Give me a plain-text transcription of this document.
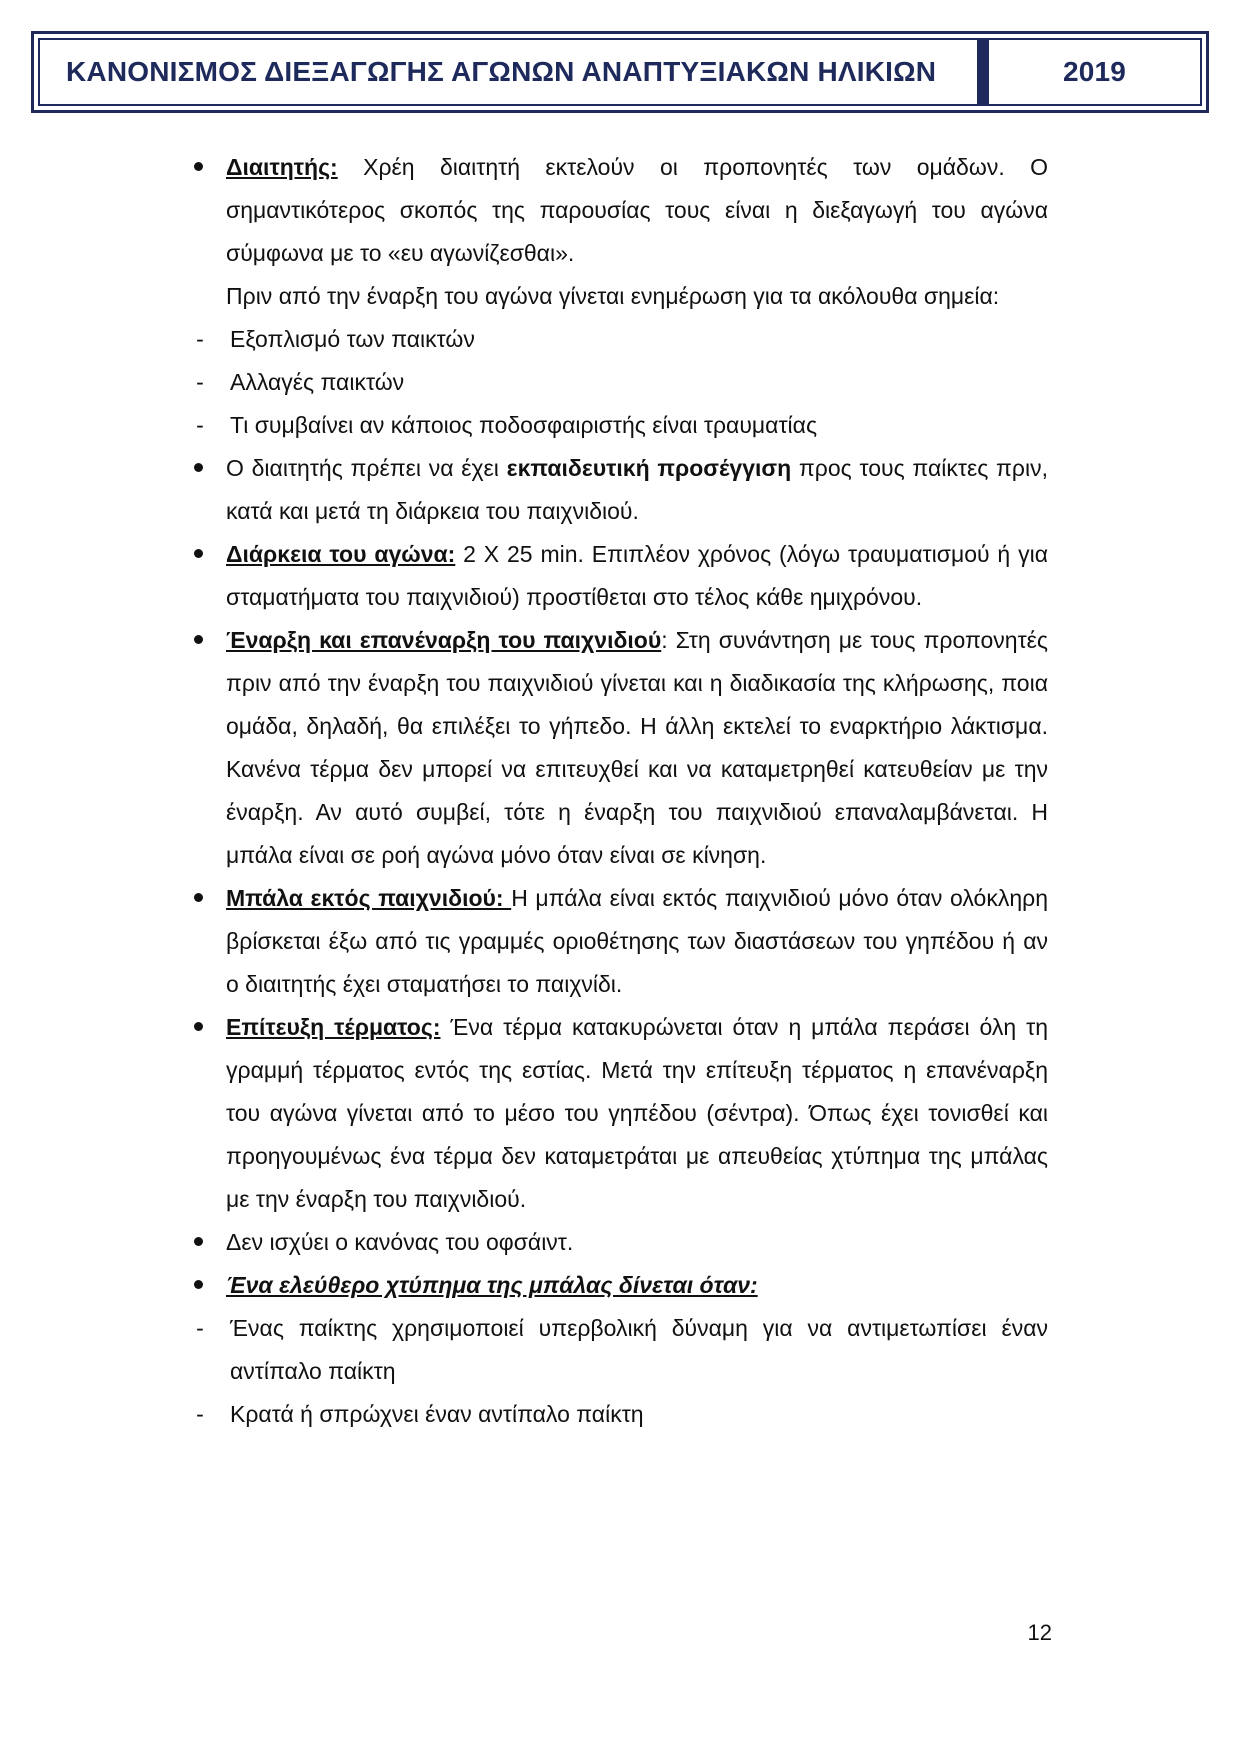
ΚΑΝΟΝΙΣΜΟΣ ΔΙΕΞΑΓΩΓΗΣ ΑΓΩΝΩΝ ΑΝΑΠΤΥΞΙΑΚΩΝ ΗΛΙΚΙΩΝ	2019
Διαιτητής: Χρέη διαιτητή εκτελούν οι προπονητές των ομάδων. Ο σημαντικότερος σκοπός της παρουσίας τους είναι η διεξαγωγή του αγώνα σύμφωνα με το «ευ αγωνίζεσθαι».
Πριν από την έναρξη του αγώνα γίνεται ενημέρωση για τα ακόλουθα σημεία:
- Εξοπλισμό των παικτών
- Αλλαγές παικτών
- Τι συμβαίνει αν κάποιος ποδοσφαιριστής είναι τραυματίας
Ο διαιτητής πρέπει να έχει εκπαιδευτική προσέγγιση προς τους παίκτες πριν, κατά και μετά τη διάρκεια του παιχνιδιού.
Διάρκεια του αγώνα: 2 Χ 25 min. Επιπλέον χρόνος (λόγω τραυματισμού ή για σταματήματα του παιχνιδιού) προστίθεται στο τέλος κάθε ημιχρόνου.
Έναρξη και επανέναρξη του παιχνιδιού: Στη συνάντηση με τους προπονητές πριν από την έναρξη του παιχνιδιού γίνεται και η διαδικασία της κλήρωσης, ποια ομάδα, δηλαδή, θα επιλέξει το γήπεδο. Η άλλη εκτελεί το εναρκτήριο λάκτισμα. Κανένα τέρμα δεν μπορεί να επιτευχθεί και να καταμετρηθεί κατευθείαν με την έναρξη. Αν αυτό συμβεί, τότε η έναρξη του παιχνιδιού επαναλαμβάνεται. Η μπάλα είναι σε ροή αγώνα μόνο όταν είναι σε κίνηση.
Μπάλα εκτός παιχνιδιού: Η μπάλα είναι εκτός παιχνιδιού μόνο όταν ολόκληρη βρίσκεται έξω από τις γραμμές οριοθέτησης των διαστάσεων του γηπέδου ή αν ο διαιτητής έχει σταματήσει το παιχνίδι.
Επίτευξη τέρματος: Ένα τέρμα κατακυρώνεται όταν η μπάλα περάσει όλη τη γραμμή τέρματος εντός της εστίας. Μετά την επίτευξη τέρματος η επανέναρξη του αγώνα γίνεται από το μέσο του γηπέδου (σέντρα). Όπως έχει τονισθεί και προηγουμένως ένα τέρμα δεν καταμετράται με απευθείας χτύπημα της μπάλας με την έναρξη του παιχνιδιού.
Δεν ισχύει ο κανόνας του οφσάιντ.
Ένα ελεύθερο χτύπημα της μπάλας δίνεται όταν:
- Ένας παίκτης χρησιμοποιεί υπερβολική δύναμη για να αντιμετωπίσει έναν αντίπαλο παίκτη
- Κρατά ή σπρώχνει έναν αντίπαλο παίκτη
12
